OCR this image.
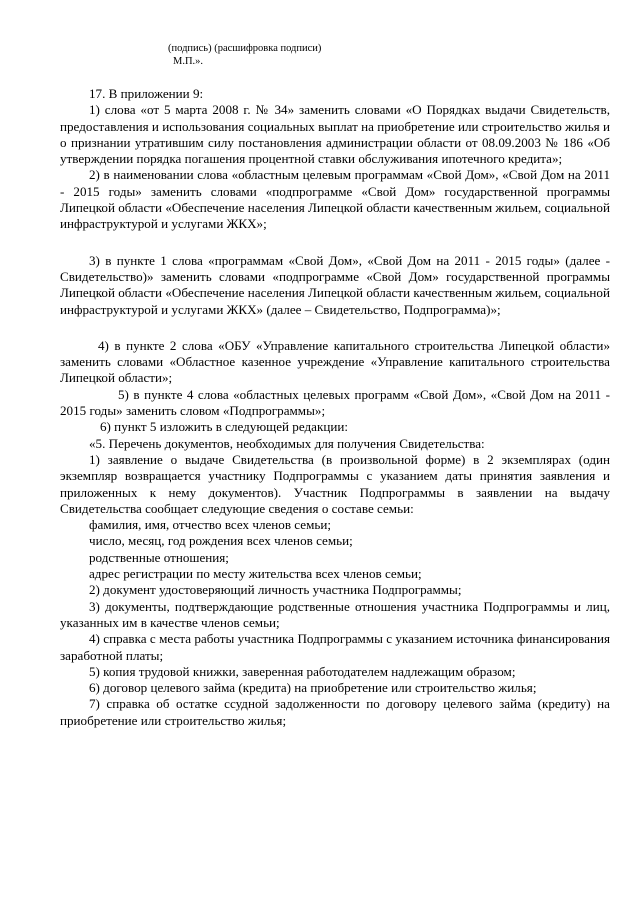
(подпись) (расшифровка подписи)

М.П.».

17. В приложении 9:

1) слова «от 5 марта 2008 г. № 34» заменить словами «О Порядках выдачи Свидетельств, предоставления и использования социальных выплат на приобретение или строительство жилья и о признании утратившим силу постановления администрации области от 08.09.2003 № 186 «Об утверждении порядка погашения процентной ставки обслуживания ипотечного кредита»;

2) в наименовании слова «областным целевым программам «Свой Дом», «Свой Дом на 2011 - 2015 годы» заменить словами «подпрограмме «Свой Дом» государственной программы Липецкой области «Обеспечение населения Липецкой области качественным жильем, социальной инфраструктурой и услугами ЖКХ»;

3) в пункте 1 слова «программам «Свой Дом», «Свой Дом на 2011 - 2015 годы» (далее - Свидетельство)» заменить словами «подпрограмме «Свой Дом» государственной программы Липецкой области «Обеспечение населения Липецкой области качественным жильем, социальной инфраструктурой и услугами ЖКХ» (далее – Свидетельство, Подпрограмма)»;

4) в пункте 2 слова «ОБУ «Управление капитального строительства Липецкой области» заменить словами «Областное казенное учреждение «Управление капитального строительства Липецкой области»;

5) в пункте 4 слова «областных целевых программ «Свой Дом», «Свой Дом на 2011 - 2015 годы» заменить словом «Подпрограммы»;

6) пункт 5 изложить в следующей редакции:

«5. Перечень документов, необходимых для получения Свидетельства:

1) заявление о выдаче Свидетельства (в произвольной форме) в 2 экземплярах (один экземпляр возвращается участнику Подпрограммы с указанием даты принятия заявления и приложенных к нему документов). Участник Подпрограммы в заявлении на выдачу Свидетельства сообщает следующие сведения о составе семьи:

фамилия, имя, отчество всех членов семьи;

число, месяц, год рождения всех членов семьи;

родственные отношения;

адрес регистрации по месту жительства всех членов семьи;

2) документ удостоверяющий личность участника Подпрограммы;

3) документы, подтверждающие родственные отношения участника Подпрограммы и лиц, указанных им в качестве членов семьи;

4) справка с места работы участника Подпрограммы с указанием источника финансирования заработной платы;

5) копия трудовой книжки, заверенная работодателем надлежащим образом;

6) договор целевого займа (кредита) на приобретение или строительство жилья;

7) справка об остатке ссудной задолженности по договору целевого займа (кредиту) на приобретение или строительство жилья;
